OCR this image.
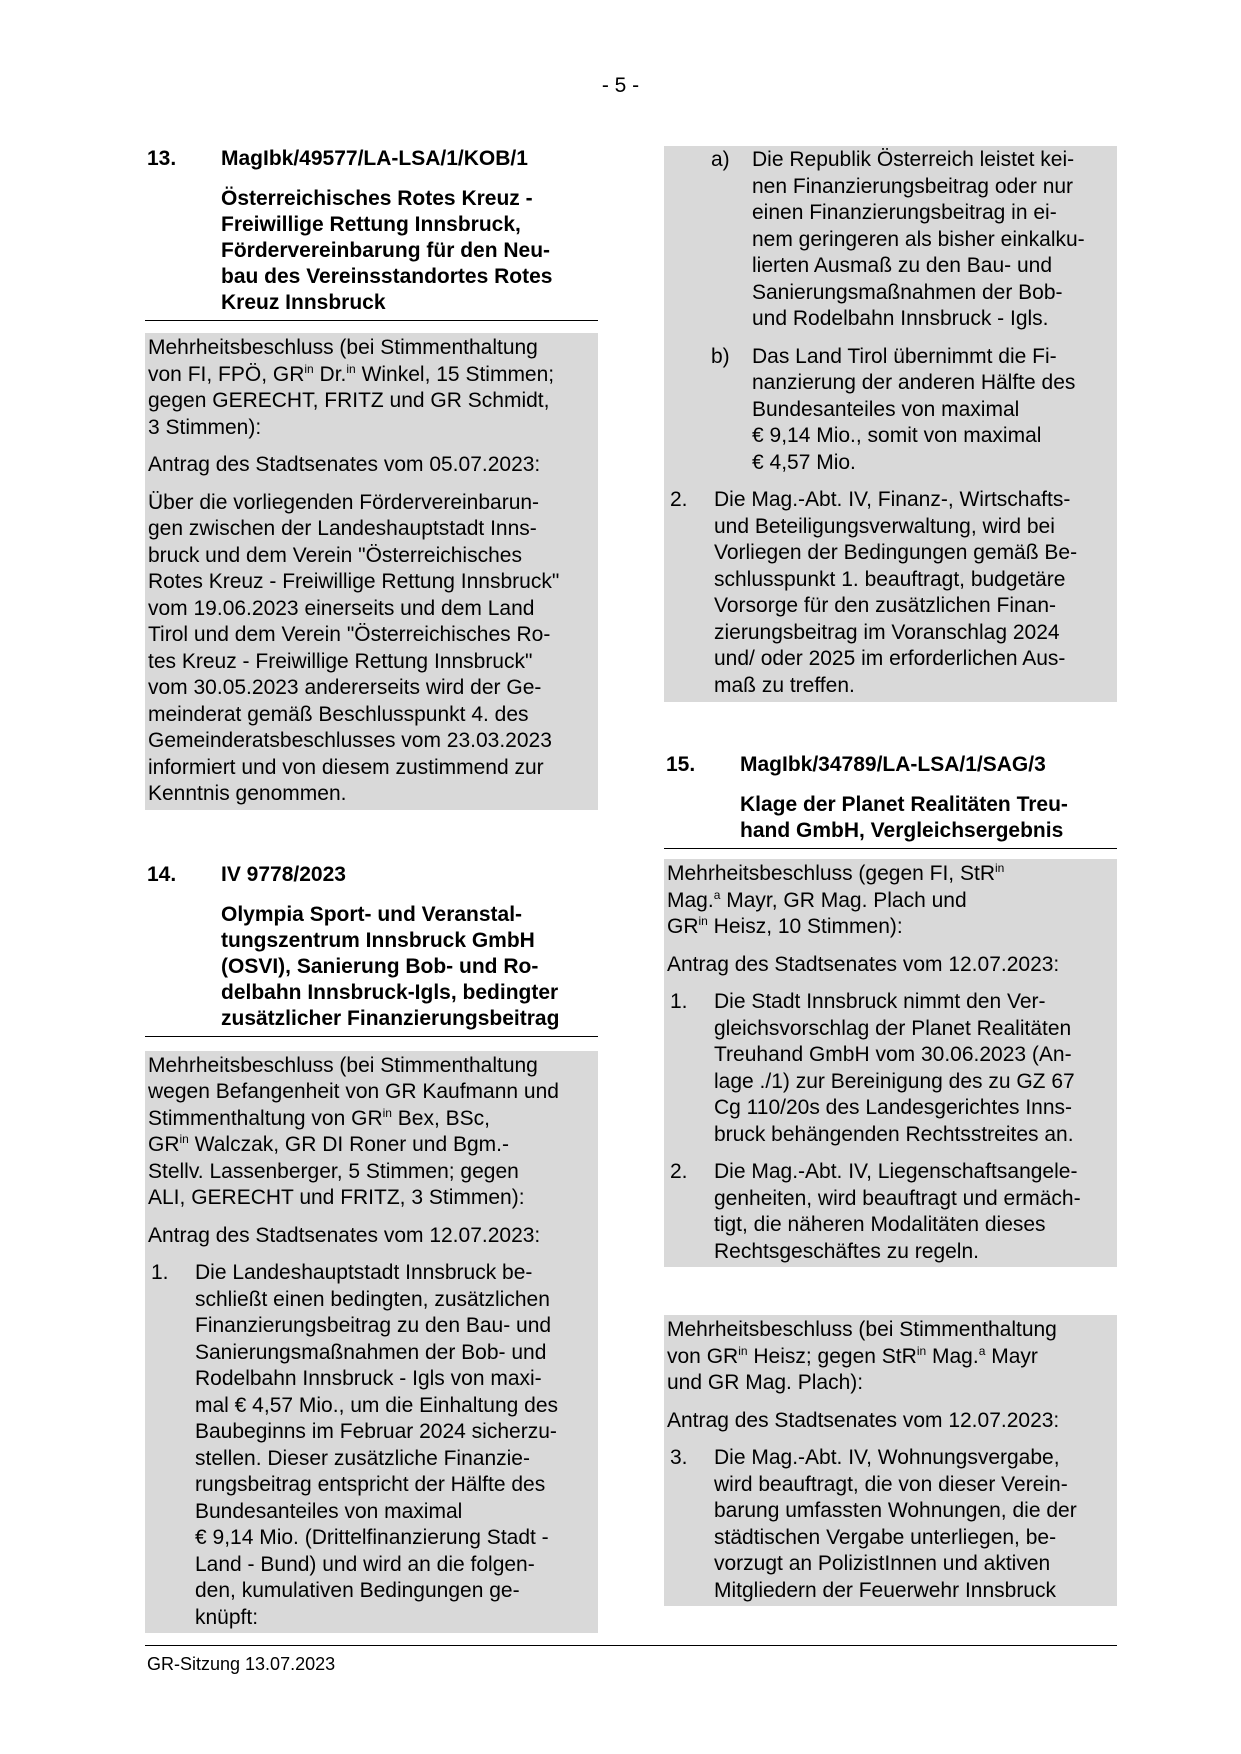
- 5 -
13.	MagIbk/49577/LA-LSA/1/KOB/1
Österreichisches Rotes Kreuz -
Freiwillige Rettung Innsbruck,
Fördervereinbarung für den Neu-
bau des Vereinsstandortes Rotes
Kreuz Innsbruck
Mehrheitsbeschluss (bei Stimmenthaltung
von FI, FPÖ, $GR^{in}$ Dr.$^{in}$ Winkel, 15 Stimmen;
gegen GERECHT, FRITZ und GR Schmidt,
3 Stimmen):
Antrag des Stadtsenates vom 05.07.2023:
Über die vorliegenden Fördervereinbarun-
gen zwischen der Landeshauptstadt Inns-
bruck und dem Verein "Österreichisches
Rotes Kreuz - Freiwillige Rettung Innsbruck"
vom 19.06.2023 einerseits und dem Land
Tirol und dem Verein "Österreichisches Ro-
tes Kreuz - Freiwillige Rettung Innsbruck"
vom 30.05.2023 andererseits wird der Ge-
meinderat gemäß Beschlusspunkt 4. des
Gemeinderatsbeschlusses vom 23.03.2023
informiert und von diesem zustimmend zur
Kenntnis genommen.
14.	IV 9778/2023
Olympia Sport- und Veranstal-
tungszentrum Innsbruck GmbH
(OSVI), Sanierung Bob- und Ro-
delbahn Innsbruck-Igls, bedingter
zusätzlicher Finanzierungsbeitrag
Mehrheitsbeschluss (bei Stimmenthaltung
wegen Befangenheit von GR Kaufmann und
Stimmenthaltung von $GR^{in}$ Bex, BSc,
$GR^{in}$ Walczak, GR DI Roner und Bgm.-
Stellv. Lassenberger, 5 Stimmen; gegen
ALI, GERECHT und FRITZ, 3 Stimmen):
Antrag des Stadtsenates vom 12.07.2023:
1. Die Landeshauptstadt Innsbruck be-
schließt einen bedingten, zusätzlichen
Finanzierungsbeitrag zu den Bau- und
Sanierungsmaßnahmen der Bob- und
Rodelbahn Innsbruck - Igls von maxi-
mal € 4,57 Mio., um die Einhaltung des
Baubeginns im Februar 2024 sicherzu-
stellen. Dieser zusätzliche Finanzie-
rungsbeitrag entspricht der Hälfte des
Bundesanteiles von maximal
€ 9,14 Mio. (Drittelfinanzierung Stadt -
Land - Bund) und wird an die folgen-
den, kumulativen Bedingungen ge-
knüpft:
a) Die Republik Österreich leistet kei-
nen Finanzierungsbeitrag oder nur
einen Finanzierungsbeitrag in ei-
nem geringeren als bisher einkalku-
lierten Ausmaß zu den Bau- und
Sanierungsmaßnahmen der Bob-
und Rodelbahn Innsbruck - Igls.
b) Das Land Tirol übernimmt die Fi-
nanzierung der anderen Hälfte des
Bundesanteiles von maximal
€ 9,14 Mio., somit von maximal
€ 4,57 Mio.
2. Die Mag.-Abt. IV, Finanz-, Wirtschafts-
und Beteiligungsverwaltung, wird bei
Vorliegen der Bedingungen gemäß Be-
schlusspunkt 1. beauftragt, budgetäre
Vorsorge für den zusätzlichen Finan-
zierungsbeitrag im Voranschlag 2024
und/ oder 2025 im erforderlichen Aus-
maß zu treffen.
15.	MagIbk/34789/LA-LSA/1/SAG/3
Klage der Planet Realitäten Treu-
hand GmbH, Vergleichsergebnis
Mehrheitsbeschluss (gegen FI, StR$^{in}$
Mag.$^a$ Mayr, GR Mag. Plach und
$GR^{in}$ Heisz, 10 Stimmen):
Antrag des Stadtsenates vom 12.07.2023:
1. Die Stadt Innsbruck nimmt den Ver-
gleichsvorschlag der Planet Realitäten
Treuhand GmbH vom 30.06.2023 (An-
lage ./1) zur Bereinigung des zu GZ 67
Cg 110/20s des Landesgerichtes Inns-
bruck behängenden Rechtsstreites an.
2. Die Mag.-Abt. IV, Liegenschaftsangele-
genheiten, wird beauftragt und ermäch-
tigt, die näheren Modalitäten dieses
Rechtsgeschäftes zu regeln.
Mehrheitsbeschluss (bei Stimmenthaltung
von $GR^{in}$ Heisz; gegen StR$^{in}$ Mag.$^a$ Mayr
und GR Mag. Plach):
Antrag des Stadtsenates vom 12.07.2023:
3. Die Mag.-Abt. IV, Wohnungsvergabe,
wird beauftragt, die von dieser Verein-
barung umfassten Wohnungen, die der
städtischen Vergabe unterliegen, be-
vorzugt an PolizistInnen und aktiven
Mitgliedern der Feuerwehr Innsbruck
GR-Sitzung 13.07.2023
